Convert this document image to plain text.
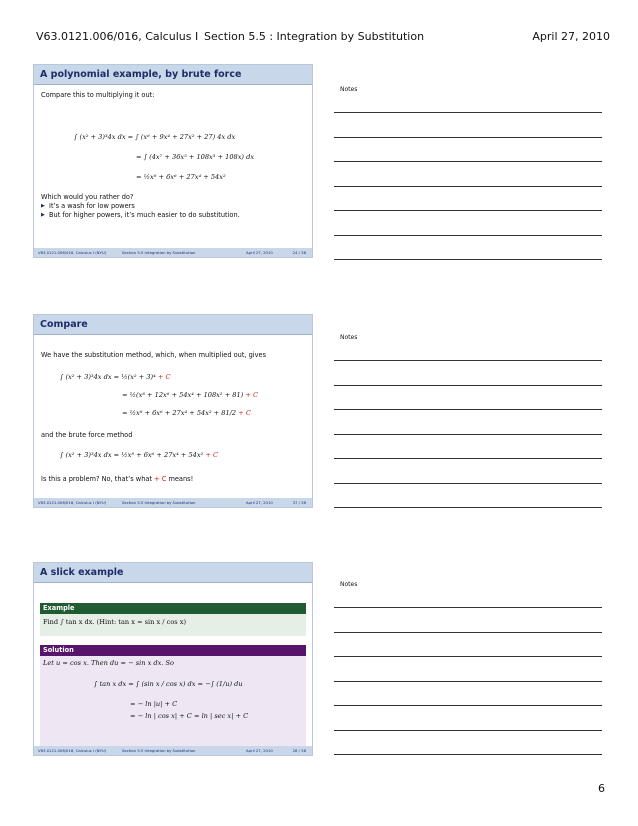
V63.0121.006/016, Calculus I Section 5.5 : Integration by Substitution	April 27, 2010
A polynomial example, by brute force
Compare this to multiplying it out:
∫ (x² + 3)³4x dx = ∫ (x⁶ + 9x⁴ + 27x² + 27) 4x dx
= ∫ (4x⁷ + 36x⁵ + 108x³ + 108x) dx
= ½x⁸ + 6x⁶ + 27x⁴ + 54x²
Which would you rather do?
▶ It’s a wash for low powers
▶ But for higher powers, it’s much easier to do substitution.
V63.0121.006/016, Calculus I (NYU)	Section 5.5 Integration by Substitution	April 27, 2010	24 / 38
Compare
We have the substitution method, which, when multiplied out, gives
∫ (x² + 3)³4x dx = ½(x² + 3)⁴ + C
= ½(x⁸ + 12x⁶ + 54x⁴ + 108x² + 81) + C
= ½x⁸ + 6x⁶ + 27x⁴ + 54x² + 81/2 + C
and the brute force method
∫ (x² + 3)³4x dx = ½x⁸ + 6x⁶ + 27x⁴ + 54x² + C
Is this a problem? No, that’s what + C means!
V63.0121.006/016, Calculus I (NYU)	Section 5.5 Integration by Substitution	April 27, 2010	37 / 38
A slick example
Example
Find ∫ tan x dx. (Hint: tan x = sin x / cos x)
Solution
Let u = cos x. Then du = − sin x dx. So
∫ tan x dx = ∫ (sin x / cos x) dx = −∫ (1/u) du
= − ln |u| + C
= − ln | cos x| + C = ln | sec x| + C
V63.0121.006/016, Calculus I (NYU)	Section 5.5 Integration by Substitution	April 27, 2010	28 / 38
Notes
Notes
Notes
6
